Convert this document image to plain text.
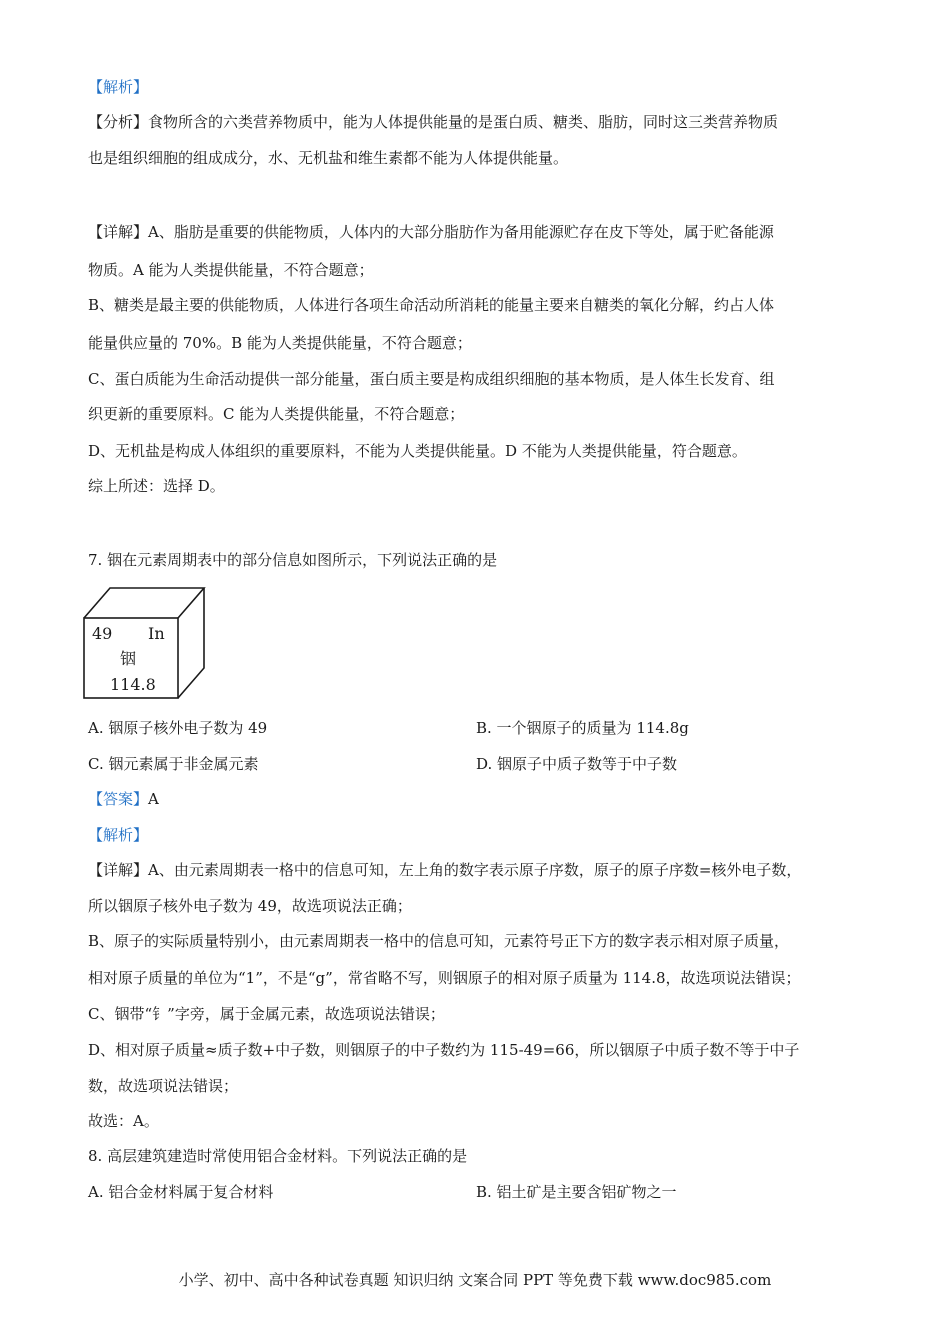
【解析】
【分析】食物所含的六类营养物质中，能为人体提供能量的是蛋白质、糖类、脂肪，同时这三类营养物质
也是组织细胞的组成成分，水、无机盐和维生素都不能为人体提供能量。
【详解】A、脂肪是重要的供能物质，人体内的大部分脂肪作为备用能源贮存在皮下等处，属于贮备能源
物质。A 能为人类提供能量，不符合题意；
B、糖类是最主要的供能物质，人体进行各项生命活动所消耗的能量主要来自糖类的氧化分解，约占人体
能量供应量的 70%。B 能为人类提供能量，不符合题意；
C、蛋白质能为生命活动提供一部分能量，蛋白质主要是构成组织细胞的基本物质，是人体生长发育、组
织更新的重要原料。C 能为人类提供能量，不符合题意；
D、无机盐是构成人体组织的重要原料，不能为人类提供能量。D 不能为人类提供能量，符合题意。
综上所述：选择 D。
7. 铟在元素周期表中的部分信息如图所示，下列说法正确的是
49 In
铟
114.8
A. 铟原子核外电子数为 49	B. 一个铟原子的质量为 114.8g
C. 铟元素属于非金属元素	D. 铟原子中质子数等于中子数
【答案】A
【解析】
【详解】A、由元素周期表一格中的信息可知，左上角的数字表示原子序数，原子的原子序数=核外电子数，
所以铟原子核外电子数为 49，故选项说法正确；
B、原子的实际质量特别小，由元素周期表一格中的信息可知，元素符号正下方的数字表示相对原子质量，
相对原子质量的单位为“1”，不是“g”，常省略不写，则铟原子的相对原子质量为 114.8，故选项说法错误；
C、铟带“钅”字旁，属于金属元素，故选项说法错误；
D、相对原子质量≈质子数+中子数，则铟原子的中子数约为 115-49=66，所以铟原子中质子数不等于中子
数，故选项说法错误；
故选：A。
8. 高层建筑建造时常使用铝合金材料。下列说法正确的是
A. 铝合金材料属于复合材料	B. 铝土矿是主要含铝矿物之一
小学、初中、高中各种试卷真题 知识归纳 文案合同 PPT 等免费下载 www.doc985.com
